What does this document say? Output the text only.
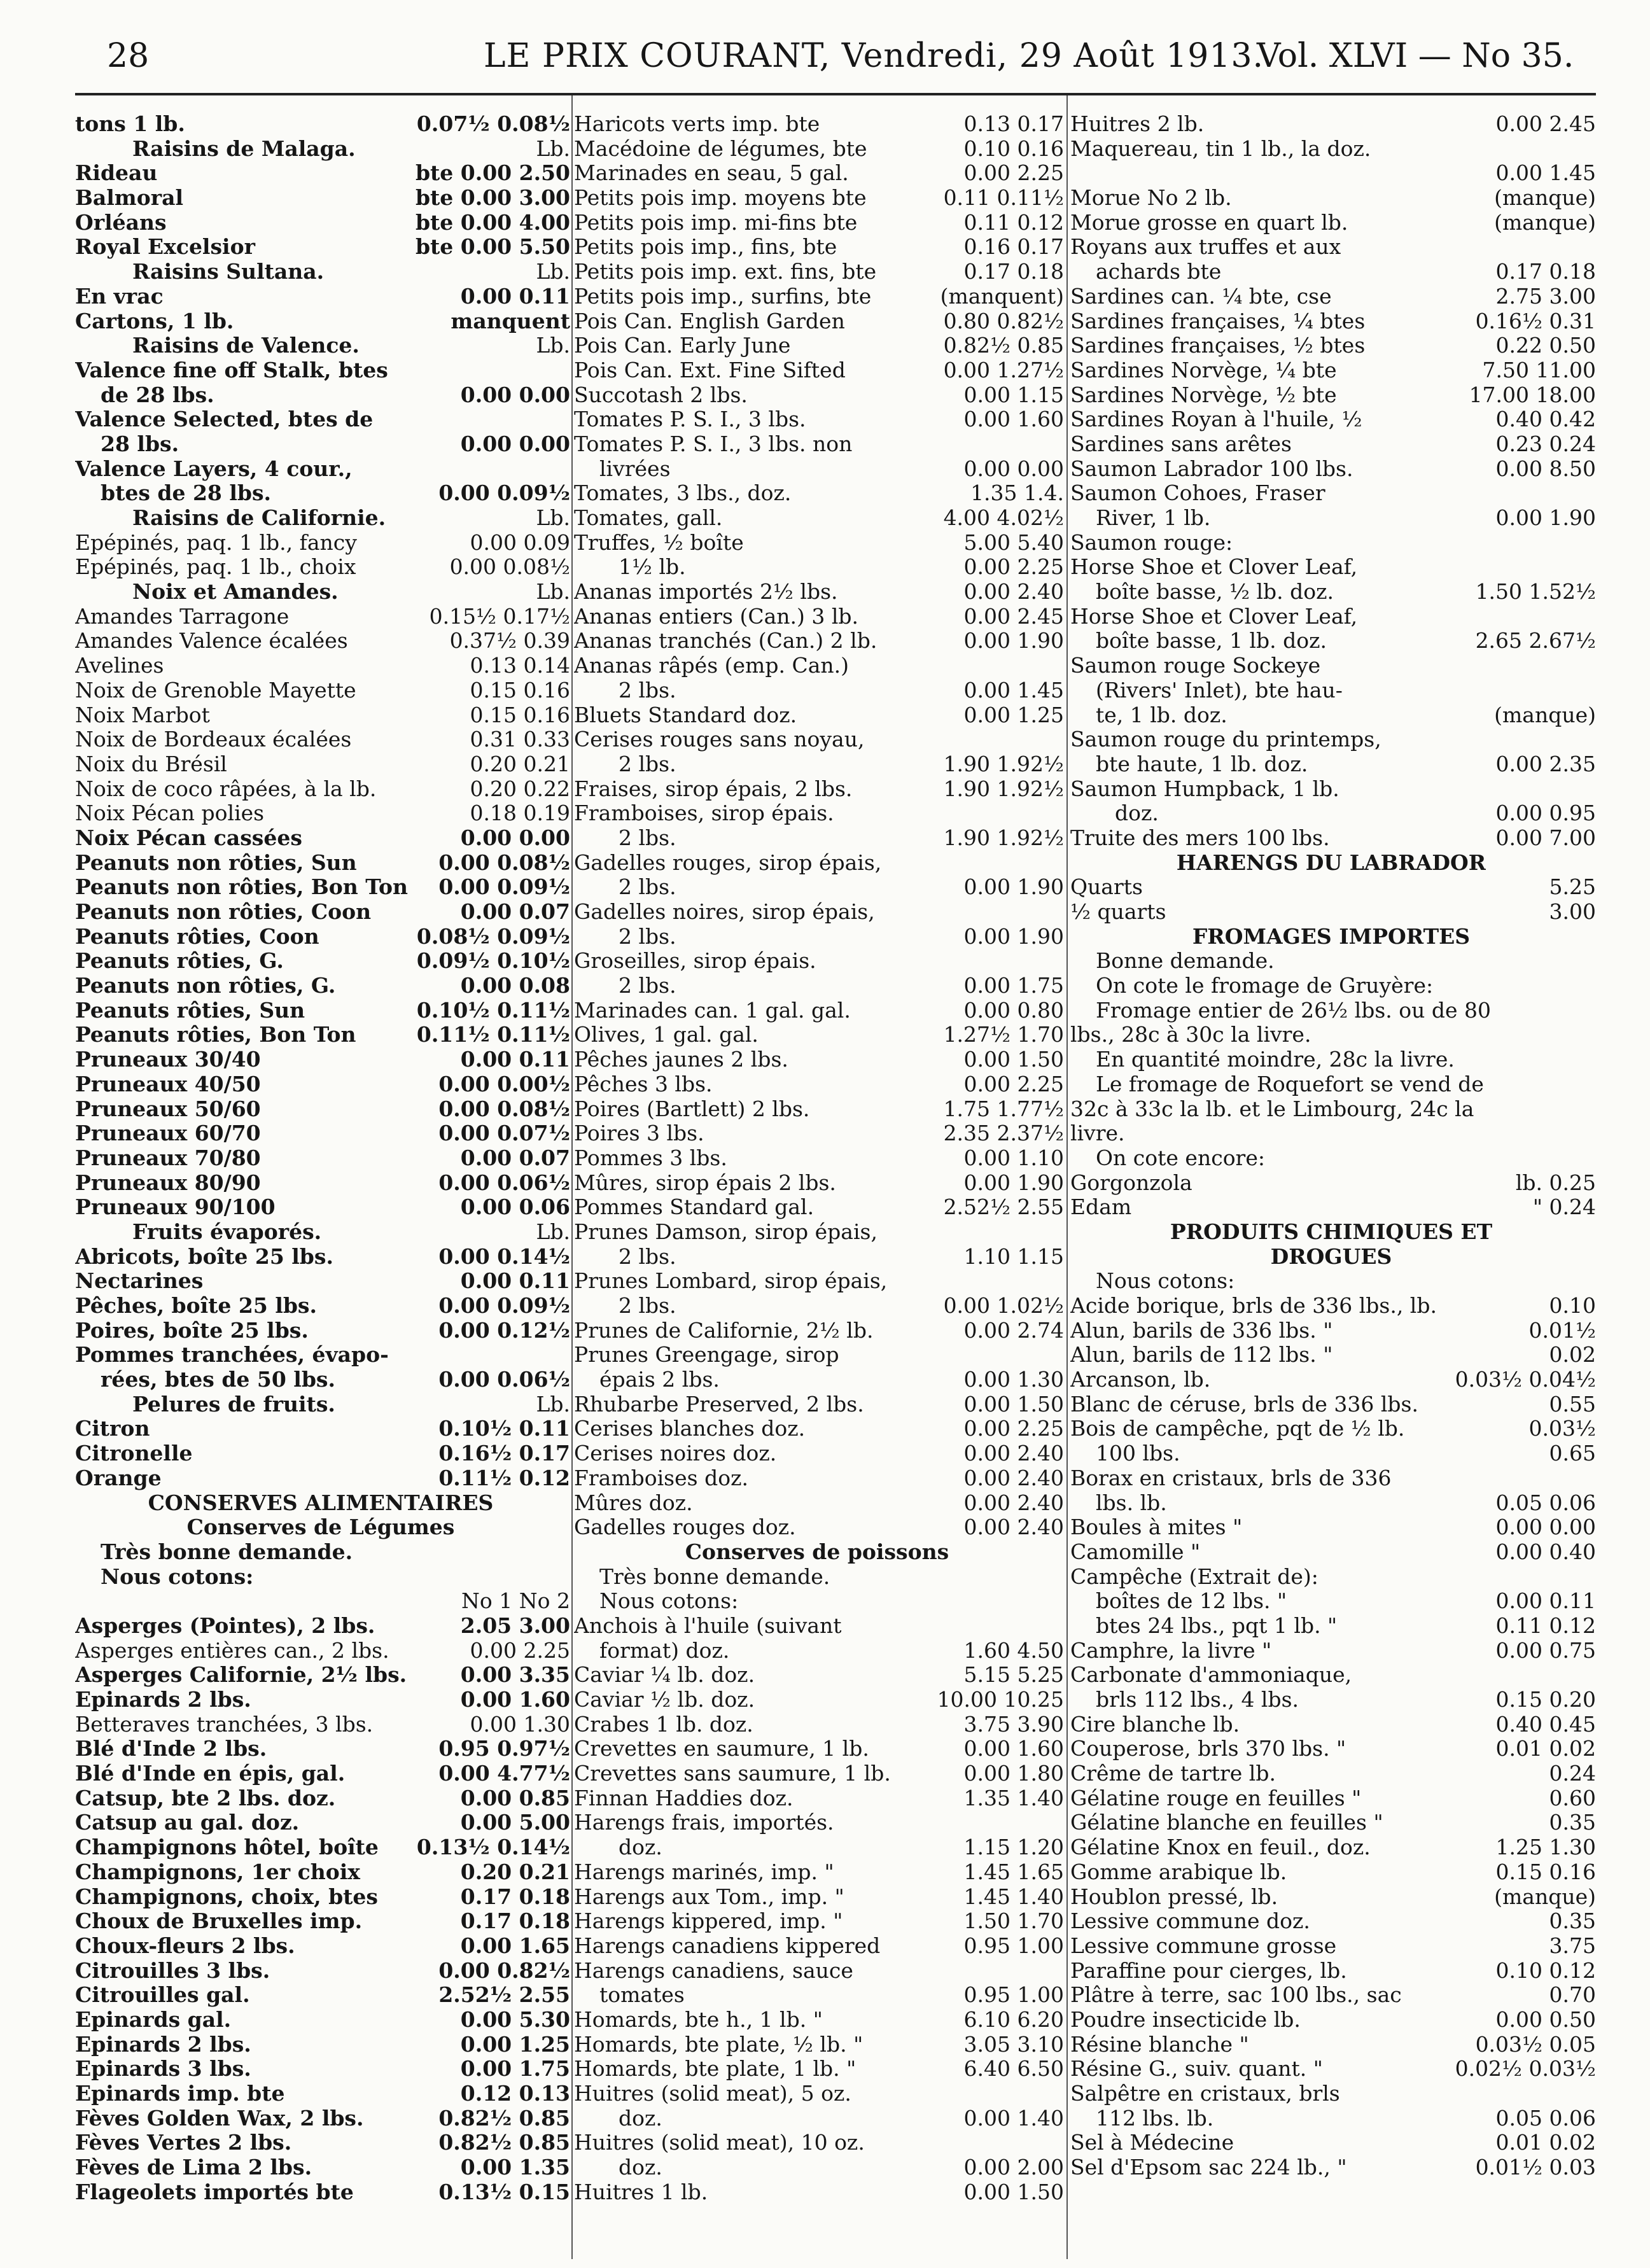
28	LE PRIX COURANT, Vendredi, 29 Août 1913.
Vol. XLVI — No 35.
tons 1 lb.	0.07½ 0.08½
Raisins de Malaga.	Lb.
Rideau	bte 0.00 2.50
Balmoral	bte 0.00 3.00
Orléans	bte 0.00 4.00
Royal Excelsior	bte 0.00 5.50
Raisins Sultana.	Lb.
En vrac	0.00 0.11
Cartons, 1 lb.	manquent
Raisins de Valence.	Lb.
Valence fine off Stalk, btes
de 28 lbs.	0.00 0.00
Valence Selected, btes de
28 lbs.	0.00 0.00
Valence Layers, 4 cour.,
btes de 28 lbs.	0.00 0.09½
Raisins de Californie.	Lb.
Epépinés, paq. 1 lb., fancy	0.00 0.09
Epépinés, paq. 1 lb., choix	0.00 0.08½
Noix et Amandes.	Lb.
Amandes Tarragone	0.15½ 0.17½
Amandes Valence écalées	0.37½ 0.39
Avelines	0.13 0.14
Noix de Grenoble Mayette	0.15 0.16
Noix Marbot	0.15 0.16
Noix de Bordeaux écalées	0.31 0.33
Noix du Brésil	0.20 0.21
Noix de coco râpées, à la lb.	0.20 0.22
Noix Pécan polies	0.18 0.19
Noix Pécan cassées	0.00 0.00
Peanuts non rôties, Sun	0.00 0.08½
Peanuts non rôties, Bon Ton	0.00 0.09½
Peanuts non rôties, Coon	0.00 0.07
Peanuts rôties, Coon	0.08½ 0.09½
Peanuts rôties, G.	0.09½ 0.10½
Peanuts non rôties, G.	0.00 0.08
Peanuts rôties, Sun	0.10½ 0.11½
Peanuts rôties, Bon Ton	0.11½ 0.11½
Pruneaux 30/40	0.00 0.11
Pruneaux 40/50	0.00 0.00½
Pruneaux 50/60	0.00 0.08½
Pruneaux 60/70	0.00 0.07½
Pruneaux 70/80	0.00 0.07
Pruneaux 80/90	0.00 0.06½
Pruneaux 90/100	0.00 0.06
Fruits évaporés.	Lb.
Abricots, boîte 25 lbs.	0.00 0.14½
Nectarines	0.00 0.11
Pêches, boîte 25 lbs.	0.00 0.09½
Poires, boîte 25 lbs.	0.00 0.12½
Pommes tranchées, évapo-
rées, btes de 50 lbs.	0.00 0.06½
Pelures de fruits.	Lb.
Citron	0.10½ 0.11
Citronelle	0.16½ 0.17
Orange	0.11½ 0.12
CONSERVES ALIMENTAIRES
Conserves de Légumes
Très bonne demande.
Nous cotons:
No 1 No 2
Asperges (Pointes), 2 lbs.	2.05 3.00
Asperges entières can., 2 lbs.	0.00 2.25
Asperges Californie, 2½ lbs.	0.00 3.35
Epinards 2 lbs.	0.00 1.60
Betteraves tranchées, 3 lbs.	0.00 1.30
Blé d'Inde 2 lbs.	0.95 0.97½
Blé d'Inde en épis, gal.	0.00 4.77½
Catsup, bte 2 lbs. doz.	0.00 0.85
Catsup au gal. doz.	0.00 5.00
Champignons hôtel, boîte	0.13½ 0.14½
Champignons, 1er choix	0.20 0.21
Champignons, choix, btes	0.17 0.18
Choux de Bruxelles imp.	0.17 0.18
Choux-fleurs 2 lbs.	0.00 1.65
Citrouilles 3 lbs.	0.00 0.82½
Citrouilles gal.	2.52½ 2.55
Epinards gal.	0.00 5.30
Epinards 2 lbs.	0.00 1.25
Epinards 3 lbs.	0.00 1.75
Epinards imp. bte	0.12 0.13
Fèves Golden Wax, 2 lbs.	0.82½ 0.85
Fèves Vertes 2 lbs.	0.82½ 0.85
Fèves de Lima 2 lbs.	0.00 1.35
Flageolets importés bte	0.13½ 0.15
Haricots verts imp. bte	0.13 0.17
Macédoine de légumes, bte	0.10 0.16
Marinades en seau, 5 gal.	0.00 2.25
Petits pois imp. moyens bte	0.11 0.11½
Petits pois imp. mi-fins bte	0.11 0.12
Petits pois imp., fins, bte	0.16 0.17
Petits pois imp. ext. fins, bte	0.17 0.18
Petits pois imp., surfins, bte	(manquent)
Pois Can. English Garden	0.80 0.82½
Pois Can. Early June	0.82½ 0.85
Pois Can. Ext. Fine Sifted	0.00 1.27½
Succotash 2 lbs.	0.00 1.15
Tomates P. S. I., 3 lbs.	0.00 1.60
Tomates P. S. I., 3 lbs. non
livrées	0.00 0.00
Tomates, 3 lbs., doz.	1.35 1.4.
Tomates, gall.	4.00 4.02½
Truffes, ½ boîte	5.00 5.40
1½ lb.	0.00 2.25
Ananas importés 2½ lbs.	0.00 2.40
Ananas entiers (Can.) 3 lb.	0.00 2.45
Ananas tranchés (Can.) 2 lb.	0.00 1.90
Ananas râpés (emp. Can.)
2 lbs.	0.00 1.45
Bluets Standard doz.	0.00 1.25
Cerises rouges sans noyau,
2 lbs.	1.90 1.92½
Fraises, sirop épais, 2 lbs.	1.90 1.92½
Framboises, sirop épais.
2 lbs.	1.90 1.92½
Gadelles rouges, sirop épais,
2 lbs.	0.00 1.90
Gadelles noires, sirop épais,
2 lbs.	0.00 1.90
Groseilles, sirop épais.
2 lbs.	0.00 1.75
Marinades can. 1 gal. gal.	0.00 0.80
Olives, 1 gal. gal.	1.27½ 1.70
Pêches jaunes 2 lbs.	0.00 1.50
Pêches 3 lbs.	0.00 2.25
Poires (Bartlett) 2 lbs.	1.75 1.77½
Poires 3 lbs.	2.35 2.37½
Pommes 3 lbs.	0.00 1.10
Mûres, sirop épais 2 lbs.	0.00 1.90
Pommes Standard gal.	2.52½ 2.55
Prunes Damson, sirop épais,
2 lbs.	1.10 1.15
Prunes Lombard, sirop épais,
2 lbs.	0.00 1.02½
Prunes de Californie, 2½ lb.	0.00 2.74
Prunes Greengage, sirop
épais 2 lbs.	0.00 1.30
Rhubarbe Preserved, 2 lbs.	0.00 1.50
Cerises blanches doz.	0.00 2.25
Cerises noires doz.	0.00 2.40
Framboises doz.	0.00 2.40
Mûres doz.	0.00 2.40
Gadelles rouges doz.	0.00 2.40
Conserves de poissons
Très bonne demande.
Nous cotons:
Anchois à l'huile (suivant
format) doz.	1.60 4.50
Caviar ¼ lb. doz.	5.15 5.25
Caviar ½ lb. doz.	10.00 10.25
Crabes 1 lb. doz.	3.75 3.90
Crevettes en saumure, 1 lb.	0.00 1.60
Crevettes sans saumure, 1 lb.	0.00 1.80
Finnan Haddies doz.	1.35 1.40
Harengs frais, importés.
doz.	1.15 1.20
Harengs marinés, imp. "	1.45 1.65
Harengs aux Tom., imp. "	1.45 1.40
Harengs kippered, imp. "	1.50 1.70
Harengs canadiens kippered	0.95 1.00
Harengs canadiens, sauce
tomates	0.95 1.00
Homards, bte h., 1 lb. "	6.10 6.20
Homards, bte plate, ½ lb. "	3.05 3.10
Homards, bte plate, 1 lb. "	6.40 6.50
Huitres (solid meat), 5 oz.
doz.	0.00 1.40
Huitres (solid meat), 10 oz.
doz.	0.00 2.00
Huitres 1 lb.	0.00 1.50
Huitres 2 lb.	0.00 2.45
Maquereau, tin 1 lb., la doz.
0.00 1.45
Morue No 2 lb.	(manque)
Morue grosse en quart lb.	(manque)
Royans aux truffes et aux
achards bte	0.17 0.18
Sardines can. ¼ bte, cse	2.75 3.00
Sardines françaises, ¼ btes	0.16½ 0.31
Sardines françaises, ½ btes	0.22 0.50
Sardines Norvège, ¼ bte	7.50 11.00
Sardines Norvège, ½ bte	17.00 18.00
Sardines Royan à l'huile, ½	0.40 0.42
Sardines sans arêtes	0.23 0.24
Saumon Labrador 100 lbs.	0.00 8.50
Saumon Cohoes, Fraser
River, 1 lb.	0.00 1.90
Saumon rouge:
Horse Shoe et Clover Leaf,
boîte basse, ½ lb. doz.	1.50 1.52½
Horse Shoe et Clover Leaf,
boîte basse, 1 lb. doz.	2.65 2.67½
Saumon rouge Sockeye
(Rivers' Inlet), bte hau-
te, 1 lb. doz.	(manque)
Saumon rouge du printemps,
bte haute, 1 lb. doz.	0.00 2.35
Saumon Humpback, 1 lb.
doz.	0.00 0.95
Truite des mers 100 lbs.	0.00 7.00
HARENGS DU LABRADOR
Quarts	5.25
½ quarts	3.00
FROMAGES IMPORTES
Bonne demande.
On cote le fromage de Gruyère:
Fromage entier de 26½ lbs. ou de 80
lbs., 28c à 30c la livre.
En quantité moindre, 28c la livre.
Le fromage de Roquefort se vend de
32c à 33c la lb. et le Limbourg, 24c la
livre.
On cote encore:
Gorgonzola	lb. 0.25
Edam	" 0.24
PRODUITS CHIMIQUES ET
DROGUES
Nous cotons:
Acide borique, brls de 336 lbs., lb.	0.10
Alun, barils de 336 lbs. "	0.01½
Alun, barils de 112 lbs. "	0.02
Arcanson, lb.	0.03½ 0.04½
Blanc de céruse, brls de 336 lbs.	0.55
Bois de campêche, pqt de ½ lb.	0.03½
100 lbs.	0.65
Borax en cristaux, brls de 336
lbs. lb.	0.05 0.06
Boules à mites "	0.00 0.00
Camomille "	0.00 0.40
Campêche (Extrait de):
boîtes de 12 lbs. "	0.00 0.11
btes 24 lbs., pqt 1 lb. "	0.11 0.12
Camphre, la livre "	0.00 0.75
Carbonate d'ammoniaque,
brls 112 lbs., 4 lbs.	0.15 0.20
Cire blanche lb.	0.40 0.45
Couperose, brls 370 lbs. "	0.01 0.02
Crême de tartre lb.	0.24
Gélatine rouge en feuilles "	0.60
Gélatine blanche en feuilles "	0.35
Gélatine Knox en feuil., doz.	1.25 1.30
Gomme arabique lb.	0.15 0.16
Houblon pressé, lb.	(manque)
Lessive commune doz.	0.35
Lessive commune grosse	3.75
Paraffine pour cierges, lb.	0.10 0.12
Plâtre à terre, sac 100 lbs., sac	0.70
Poudre insecticide lb.	0.00 0.50
Résine blanche "	0.03½ 0.05
Résine G., suiv. quant. "	0.02½ 0.03½
Salpêtre en cristaux, brls
112 lbs. lb.	0.05 0.06
Sel à Médecine	0.01 0.02
Sel d'Epsom sac 224 lb., "	0.01½ 0.03
